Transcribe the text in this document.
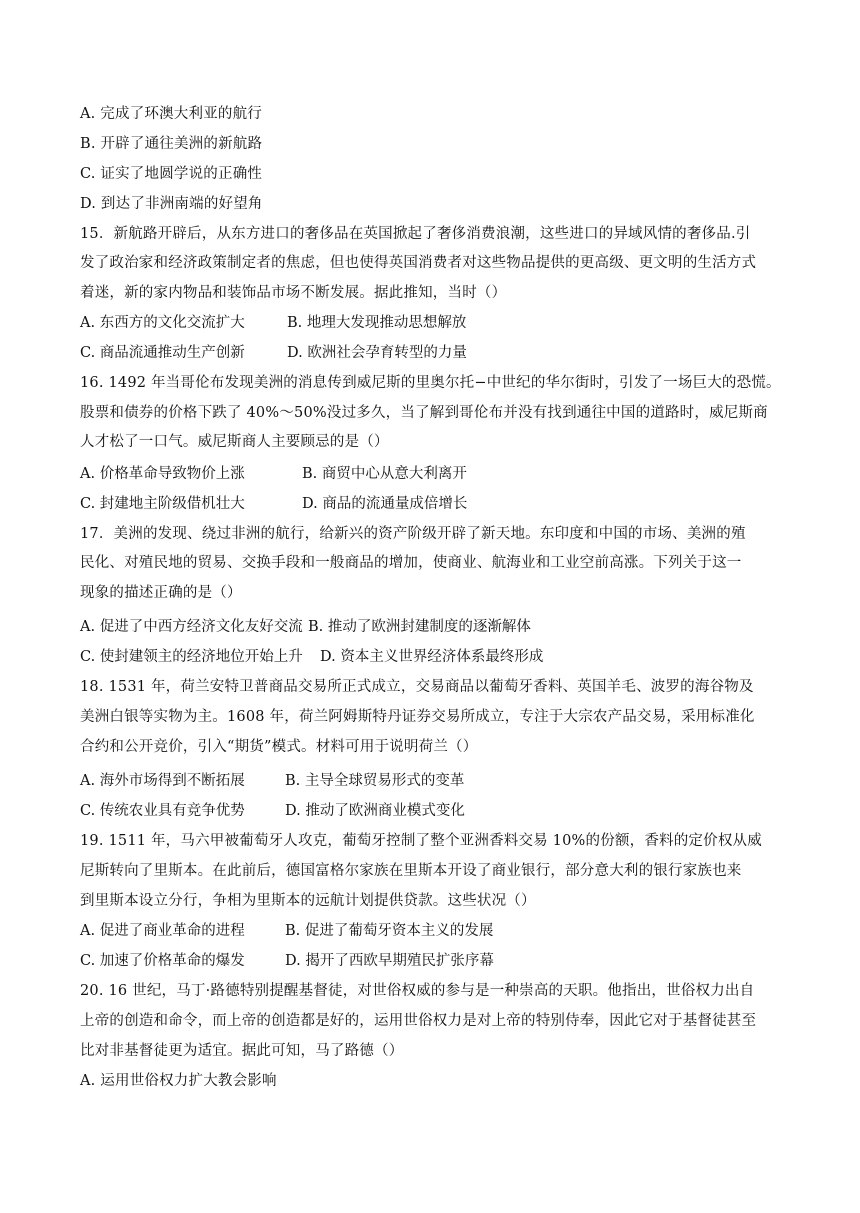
A. 完成了环澳大利亚的航行
B. 开辟了通往美洲的新航路
C. 证实了地圆学说的正确性
D. 到达了非洲南端的好望角
15．新航路开辟后，从东方进口的奢侈品在英国掀起了奢侈消费浪潮，这些进口的异域风情的奢侈品.引
发了政治家和经济政策制定者的焦虑，但也使得英国消费者对这些物品提供的更高级、更文明的生活方式
着迷，新的家内物品和装饰品市场不断发展。据此推知，当时（）
A. 东西方的文化交流扩大	B. 地理大发现推动思想解放
C. 商品流通推动生产创新	D. 欧洲社会孕育转型的力量
16. 1492 年当哥伦布发现美洲的消息传到威尼斯的里奥尔托−中世纪的华尔街时，引发了一场巨大的恐慌。
股票和债券的价格下跌了 40%～50%没过多久，当了解到哥伦布并没有找到通往中国的道路时，威尼斯商
人才松了一口气。威尼斯商人主要顾忌的是（）
A. 价格革命导致物价上涨	B. 商贸中心从意大利离开
C. 封建地主阶级借机壮大	D. 商品的流通量成倍增长
17．美洲的发现、绕过非洲的航行，给新兴的资产阶级开辟了新天地。东印度和中国的市场、美洲的殖
民化、对殖民地的贸易、交换手段和一般商品的增加，使商业、航海业和工业空前高涨。下列关于这一
现象的描述正确的是（）
A. 促进了中西方经济文化友好交流 B. 推动了欧洲封建制度的逐渐解体
C. 使封建领主的经济地位开始上升 D. 资本主义世界经济体系最终形成
18. 1531 年，荷兰安特卫普商品交易所正式成立，交易商品以葡萄牙香料、英国羊毛、波罗的海谷物及
美洲白银等实物为主。1608 年，荷兰阿姆斯特丹证券交易所成立，专注于大宗农产品交易，采用标准化
合约和公开竞价，引入“期货”模式。材料可用于说明荷兰（）
A. 海外市场得到不断拓展	B. 主导全球贸易形式的变革
C. 传统农业具有竞争优势	D. 推动了欧洲商业模式变化
19. 1511 年，马六甲被葡萄牙人攻克，葡萄牙控制了整个亚洲香料交易 10%的份额，香料的定价权从威
尼斯转向了里斯本。在此前后，德国富格尔家族在里斯本开设了商业银行，部分意大利的银行家族也来
到里斯本设立分行，争相为里斯本的远航计划提供贷款。这些状况（）
A. 促进了商业革命的进程	B. 促进了葡萄牙资本主义的发展
C. 加速了价格革命的爆发	D. 揭开了西欧早期殖民扩张序幕
20. 16 世纪，马丁·路德特别提醒基督徒，对世俗权威的参与是一种崇高的天职。他指出，世俗权力出自
上帝的创造和命令，而上帝的创造都是好的，运用世俗权力是对上帝的特别侍奉，因此它对于基督徒甚至
比对非基督徒更为适宜。据此可知，马了路德（）
A. 运用世俗权力扩大教会影响
